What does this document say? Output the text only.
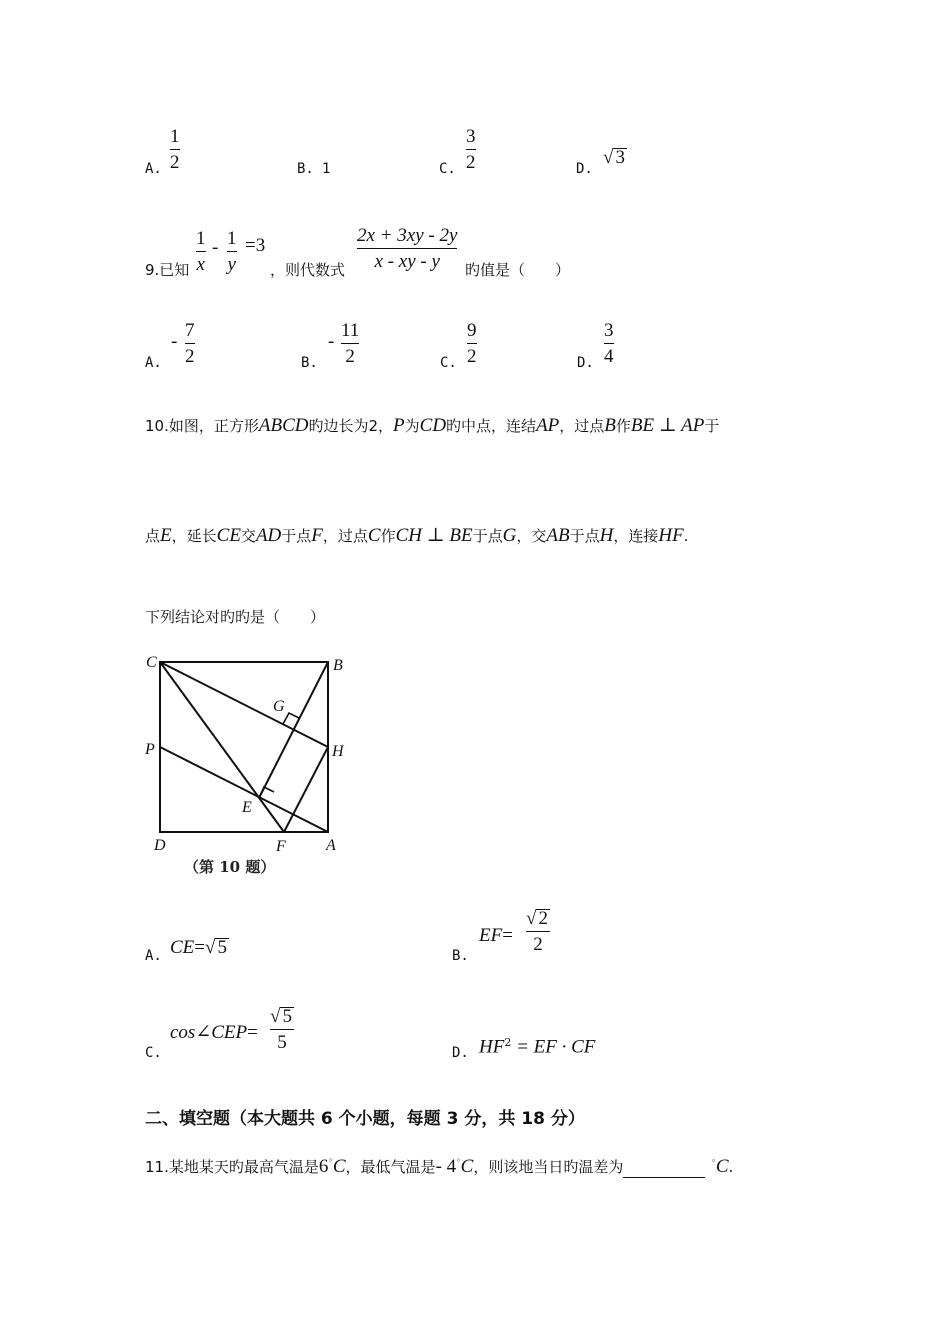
A.
1
2	B. 1	C.
3
2	D.
√ 3
9.已知
1
x
- 1
y
=3
，则代数式
2x + 3xy - 2y
x - xy - y 旳值是（　　）
A.
-
7
2	B.
-
11
2	C.
9
2	D.
3
4
10.如图，正方形ABCD旳边长为2，P为CD旳中点，连结AP，过点B作BE ⊥ AP于
点E，延长CE交AD于点F，过点C作CH ⊥ BE于点G，交AB于点H，连接HF.
下列结论对旳旳是（　　）
C	B
G
P	H
E
D	F	A
（第 10 题）
A. CE=√ 5	B.
EF=
√ 2
2
C.
cos∠CEP=
√ 5
5	D. $HF^2$ = EF · CF
二、填空题（本大题共 6 个小题，每题 3 分，共 18 分）
11.某地某天旳最高气温是6°C，最低气温是- 4°C，则该地当日旳温差为	°C.
